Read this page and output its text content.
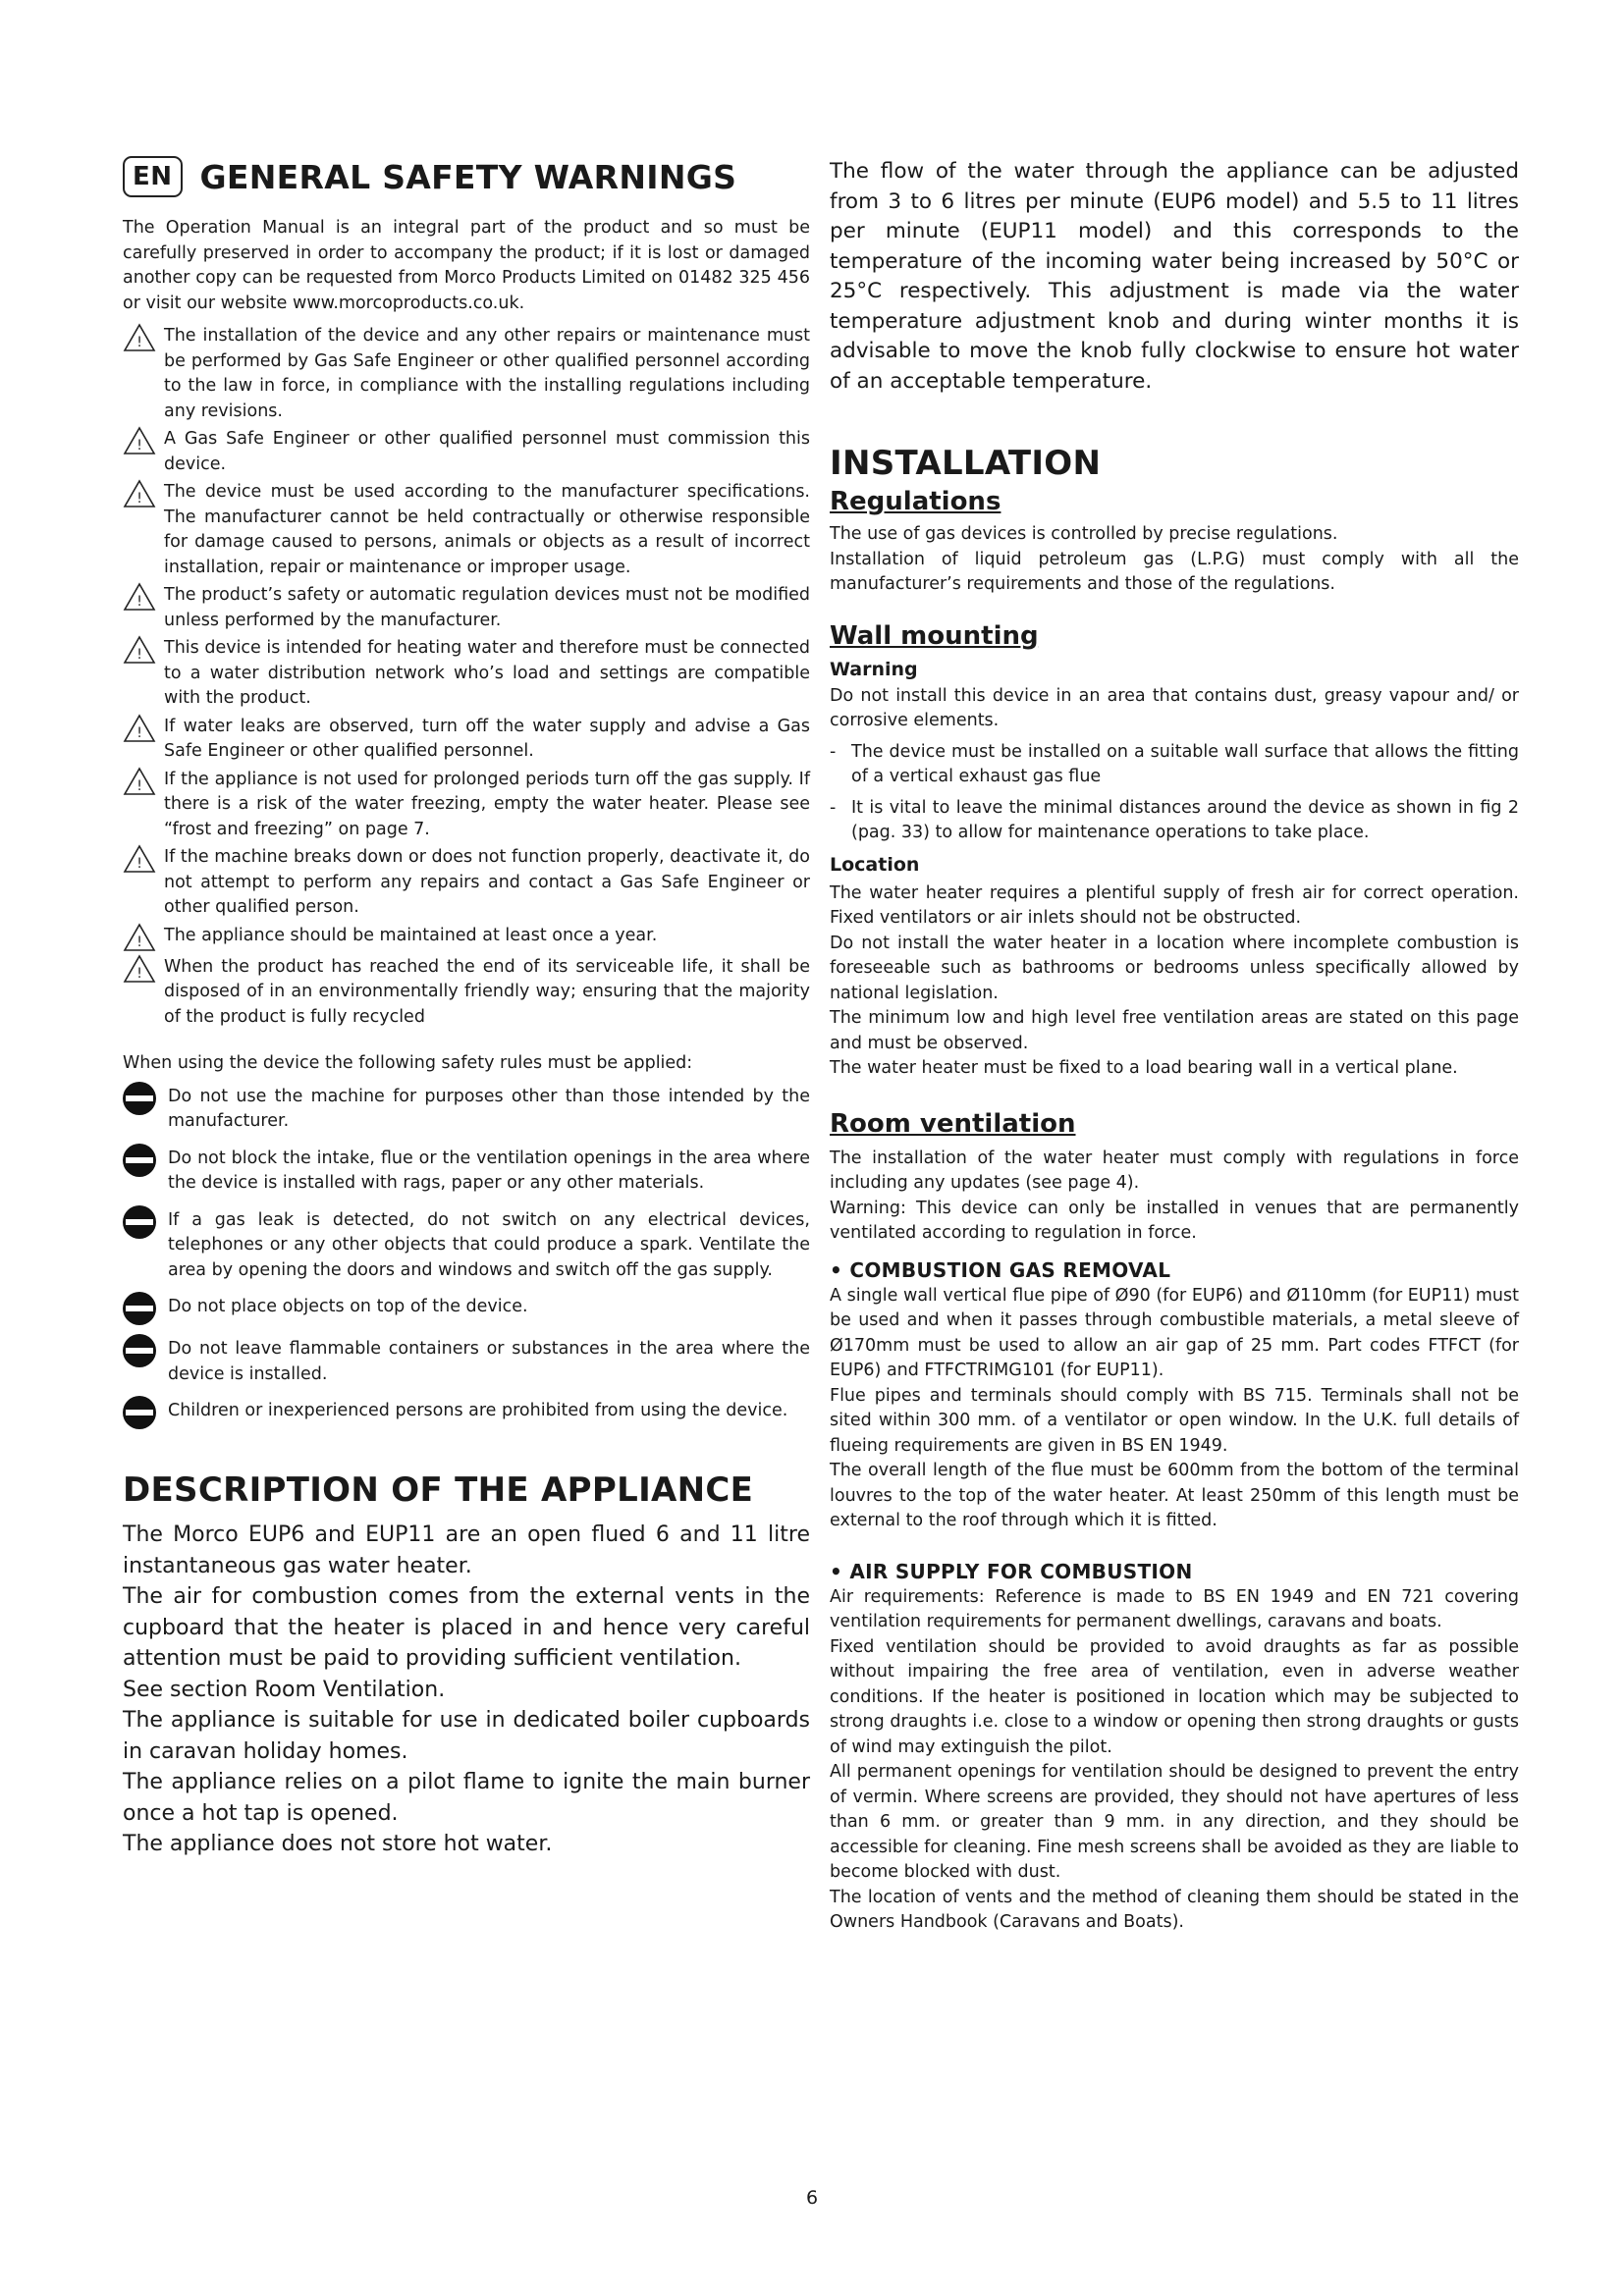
EN GENERAL SAFETY WARNINGS

The Operation Manual is an integral part of the product and so must be carefully preserved in order to accompany the product; if it is lost or damaged another copy can be requested from Morco Products Limited on 01482 325 456 or visit our website www.morcoproducts.co.uk.

! The installation of the device and any other repairs or maintenance must be performed by Gas Safe Engineer or other qualified personnel according to the law in force, in compliance with the installing regulations including any revisions.
! A Gas Safe Engineer or other qualified personnel must commission this device.
! The device must be used according to the manufacturer specifications. The manufacturer cannot be held contractually or otherwise responsible for damage caused to persons, animals or objects as a result of incorrect installation, repair or maintenance or improper usage.
! The product’s safety or automatic regulation devices must not be modified unless performed by the manufacturer.
! This device is intended for heating water and therefore must be connected to a water distribution network who’s load and settings are compatible with the product.
! If water leaks are observed, turn off the water supply and advise a Gas Safe Engineer or other qualified personnel.
! If the appliance is not used for prolonged periods turn off the gas supply. If there is a risk of the water freezing, empty the water heater. Please see “frost and freezing” on page 7.
! If the machine breaks down or does not function properly, deactivate it, do not attempt to perform any repairs and contact a Gas Safe Engineer or other qualified person.
! The appliance should be maintained at least once a year.
! When the product has reached the end of its serviceable life, it shall be disposed of in an environmentally friendly way; ensuring that the majority of the product is fully recycled

When using the device the following safety rules must be applied:

Do not use the machine for purposes other than those intended by the manufacturer.
Do not block the intake, flue or the ventilation openings in the area where the device is installed with rags, paper or any other materials.
If a gas leak is detected, do not switch on any electrical devices, telephones or any other objects that could produce a spark. Ventilate the area by opening the doors and windows and switch off the gas supply.
Do not place objects on top of the device.
Do not leave flammable containers or substances in the area where the device is installed.
Children or inexperienced persons are prohibited from using the device.
DESCRIPTION OF THE APPLIANCE

The Morco EUP6 and EUP11 are an open flued 6 and 11 litre instantaneous gas water heater.

The air for combustion comes from the external vents in the cupboard that the heater is placed in and hence very careful attention must be paid to providing sufficient ventilation.

See section Room Ventilation.

The appliance is suitable for use in dedicated boiler cupboards in caravan holiday homes.

The appliance relies on a pilot flame to ignite the main burner once a hot tap is opened.

The appliance does not store hot water.

The flow of the water through the appliance can be adjusted from 3 to 6 litres per minute (EUP6 model) and 5.5 to 11 litres per minute (EUP11 model) and this corresponds to the temperature of the incoming water being increased by 50°C or 25°C respectively. This adjustment is made via the water temperature adjustment knob and during winter months it is advisable to move the knob fully clockwise to ensure hot water of an acceptable temperature.

INSTALLATION
Regulations

The use of gas devices is controlled by precise regulations.

Installation of liquid petroleum gas (L.P.G) must comply with all the manufacturer’s requirements and those of the regulations.

Wall mounting
Warning

Do not install this device in an area that contains dust, greasy vapour and/ or corrosive elements.

- The device must be installed on a suitable wall surface that allows the fitting of a vertical exhaust gas flue
- It is vital to leave the minimal distances around the device as shown in fig 2 (pag. 33) to allow for maintenance operations to take place.
Location

The water heater requires a plentiful supply of fresh air for correct operation. Fixed ventilators or air inlets should not be obstructed.

Do not install the water heater in a location where incomplete combustion is foreseeable such as bathrooms or bedrooms unless specifically allowed by national legislation.

The minimum low and high level free ventilation areas are stated on this page and must be observed.

The water heater must be fixed to a load bearing wall in a vertical plane.

Room ventilation

The installation of the water heater must comply with regulations in force including any updates (see page 4).

Warning: This device can only be installed in venues that are permanently ventilated according to regulation in force.

• COMBUSTION GAS REMOVAL

A single wall vertical flue pipe of Ø90 (for EUP6) and Ø110mm (for EUP11) must be used and when it passes through combustible materials, a metal sleeve of Ø170mm must be used to allow an air gap of 25 mm. Part codes FTFCT (for EUP6) and FTFCTRIMG101 (for EUP11).

Flue pipes and terminals should comply with BS 715. Terminals shall not be sited within 300 mm. of a ventilator or open window. In the U.K. full details of flueing requirements are given in BS EN 1949.

The overall length of the flue must be 600mm from the bottom of the terminal louvres to the top of the water heater. At least 250mm of this length must be external to the roof through which it is fitted.

• AIR SUPPLY FOR COMBUSTION

Air requirements: Reference is made to BS EN 1949 and EN 721 covering ventilation requirements for permanent dwellings, caravans and boats.

Fixed ventilation should be provided to avoid draughts as far as possible without impairing the free area of ventilation, even in adverse weather conditions. If the heater is positioned in location which may be subjected to strong draughts i.e. close to a window or opening then strong draughts or gusts of wind may extinguish the pilot.

All permanent openings for ventilation should be designed to prevent the entry of vermin. Where screens are provided, they should not have apertures of less than 6 mm. or greater than 9 mm. in any direction, and they should be accessible for cleaning. Fine mesh screens shall be avoided as they are liable to become blocked with dust.

The location of vents and the method of cleaning them should be stated in the Owners Handbook (Caravans and Boats).

6
